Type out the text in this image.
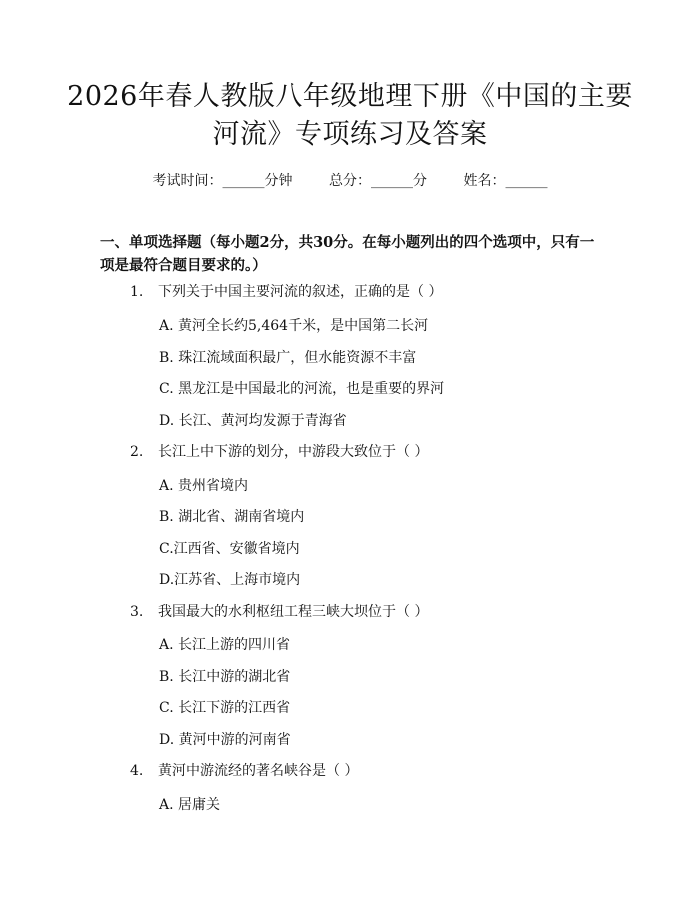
2026年春人教版八年级地理下册《中国的主要河流》专项练习及答案
考试时间：______分钟	总分：______分	姓名：______
一、单项选择题（每小题2分，共30分。在每小题列出的四个选项中，只有一项是最符合题目要求的。）
1. 下列关于中国主要河流的叙述，正确的是（ ）
A. 黄河全长约5,464千米，是中国第二长河
B. 珠江流域面积最广，但水能资源不丰富
C. 黑龙江是中国最北的河流，也是重要的界河
D. 长江、黄河均发源于青海省
2. 长江上中下游的划分，中游段大致位于（ ）
A. 贵州省境内
B. 湖北省、湖南省境内
C.江西省、安徽省境内
D.江苏省、上海市境内
3. 我国最大的水利枢纽工程三峡大坝位于（ ）
A. 长江上游的四川省
B. 长江中游的湖北省
C. 长江下游的江西省
D. 黄河中游的河南省
4. 黄河中游流经的著名峡谷是（ ）
A. 居庸关
